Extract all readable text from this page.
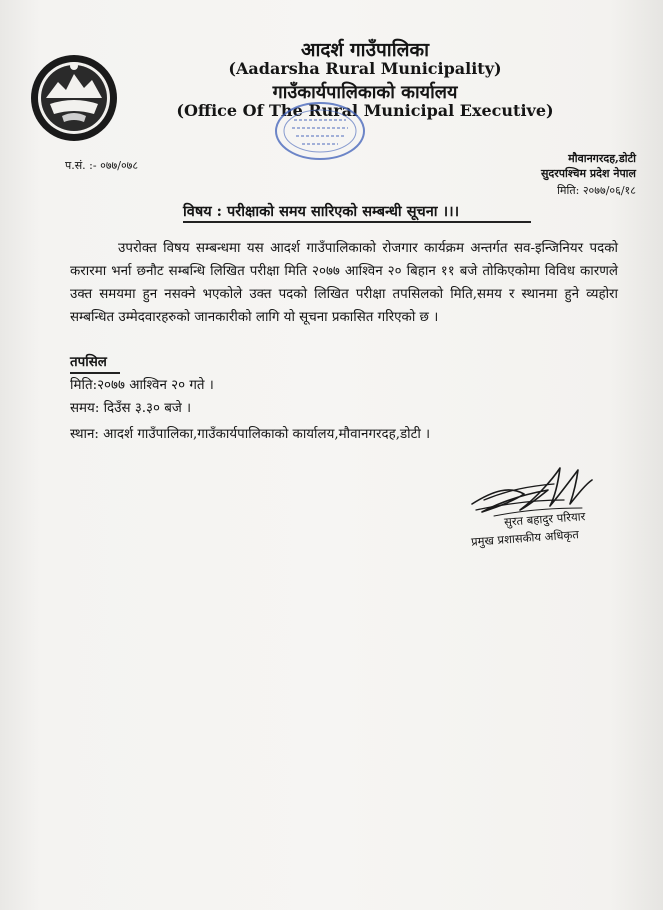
आदर्श गाउँपालिका
(Aadarsha Rural Municipality)
गाउँकार्यपालिकाको कार्यालय
(Office Of The Rural Municipal Executive)
प.सं. :- ०७७/०७८
मौवानगरदह,डोटी
सुदरपश्चिम प्रदेश नेपाल
मिति: २०७७/०६/१८
विषय : परीक्षाको समय सारिएको सम्बन्धी सूचना ।।।
उपरोक्त विषय सम्बन्धमा यस आदर्श गाउँपालिकाको रोजगार कार्यक्रम अन्तर्गत सव-इन्जिनियर पदको करारमा भर्ना छनौट सम्बन्धि लिखित परीक्षा मिति २०७७ आश्विन २० बिहान ११ बजे तोकिएकोमा विविध कारणले उक्त समयमा हुन नसक्ने भएकोले उक्त पदको लिखित परीक्षा तपसिलको मिति,समय र स्थानमा हुने व्यहोरा सम्बन्धित उम्मेदवारहरुको जानकारीको लागि यो सूचना प्रकासित गरिएको छ ।
तपसिल
मिति:२०७७ आश्विन २० गते ।
समय: दिउँस ३.३० बजे ।
स्थान: आदर्श गाउँपालिका,गाउँकार्यपालिकाको कार्यालय,मौवानगरदह,डोटी ।
सुरत बहादुर परियार
प्रमुख प्रशासकीय अधिकृत
